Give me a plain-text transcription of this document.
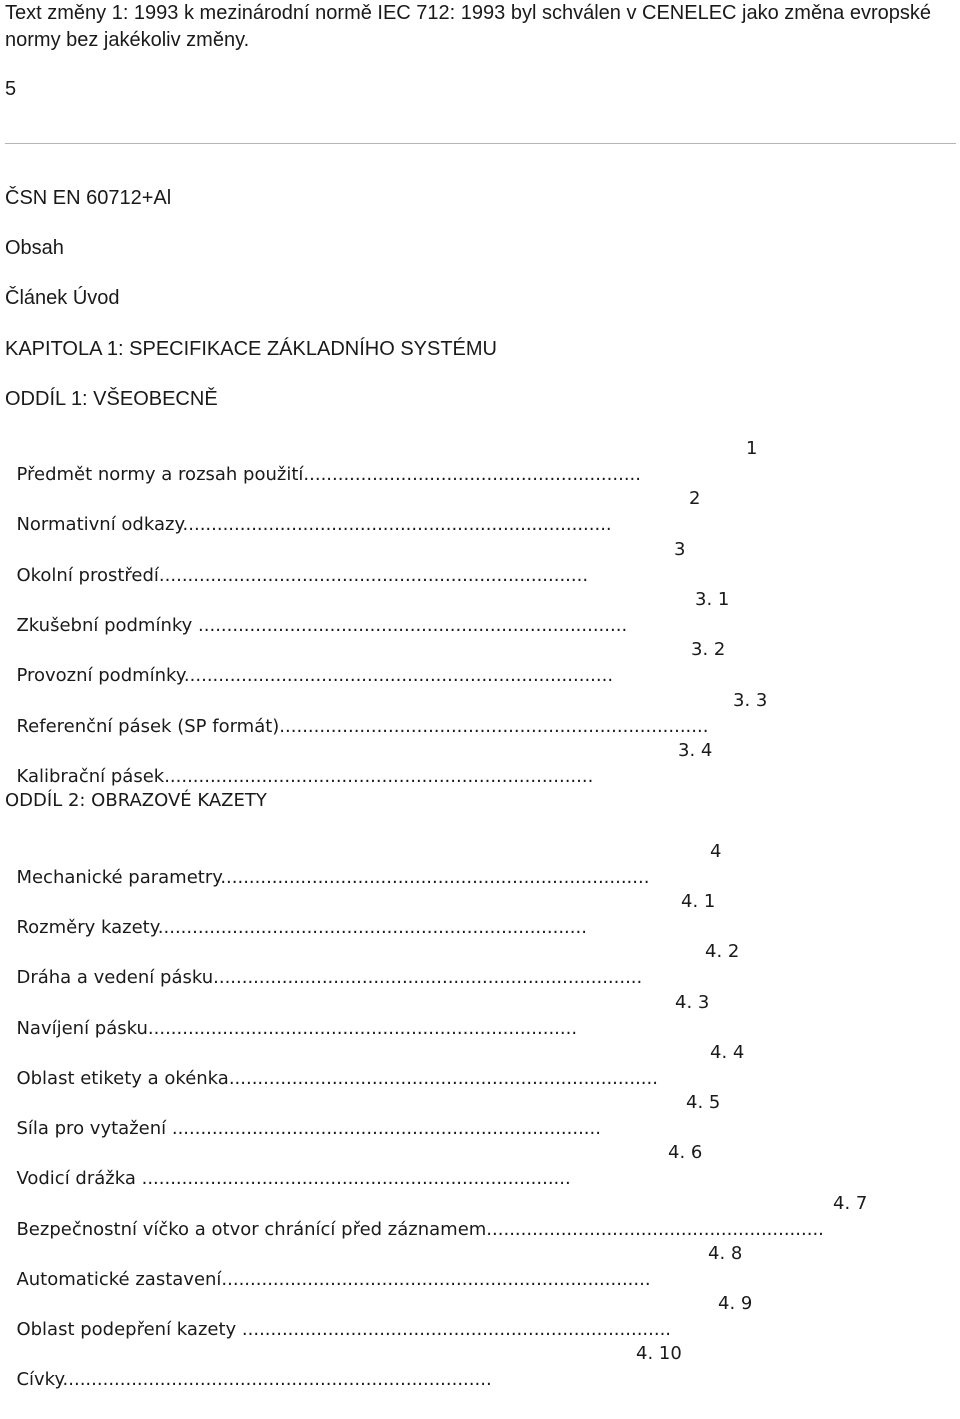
Text změny 1: 1993 k mezinárodní normě IEC 712: 1993 byl schválen v CENELEC jako změna evropské normy bez jakékoliv změny.
5
ČSN EN 60712+Al
Obsah
Článek Úvod
KAPITOLA 1: SPECIFIKACE ZÁKLADNÍHO SYSTÉMU
ODDÍL 1: VŠEOBECNĚ

Předmět normy a rozsah použití...........................................................

1

Normativní odkazy...........................................................................

2

Okolní prostředí...........................................................................

3

Zkušební podmínky ...........................................................................

3. 1

Provozní podmínky...........................................................................

3. 2

Referenční pásek (SP formát)...........................................................................

3. 3

Kalibrační pásek...........................................................................

3. 4

ODDÍL 2: OBRAZOVÉ KAZETY

Mechanické parametry...........................................................................

4

Rozměry kazety...........................................................................

4. 1

Dráha a vedení pásku...........................................................................

4. 2

Navíjení pásku...........................................................................

4. 3

Oblast etikety a okénka...........................................................................

4. 4

Síla pro vytažení ...........................................................................

4. 5

Vodicí drážka ...........................................................................

4. 6

Bezpečnostní víčko a otvor chránící před záznamem...........................................................

4. 7

Automatické zastavení...........................................................................

4. 8

Oblast podepření kazety ...........................................................................

4. 9

Cívky...........................................................................

4. 10
